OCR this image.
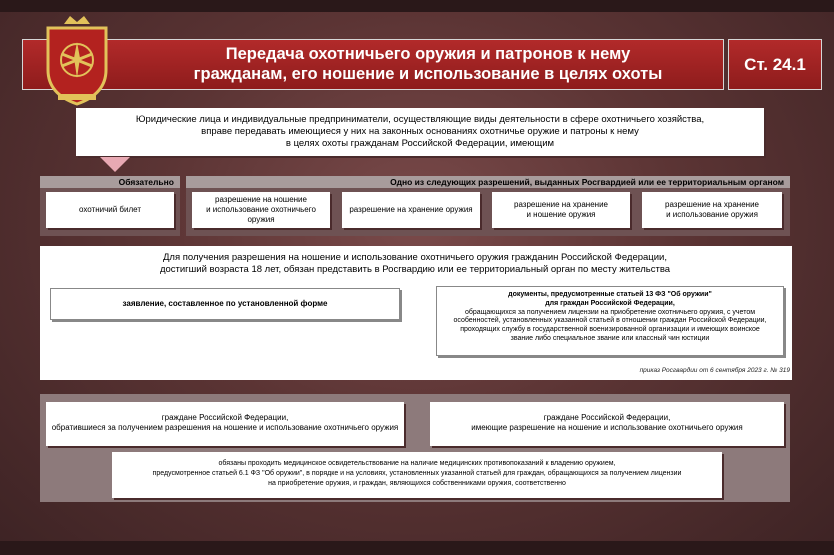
Передача охотничьего оружия и патронов к нему
гражданам, его ношение и использование в целях охоты	Ст. 24.1
Юридические лица и индивидуальные предприниматели, осуществляющие виды деятельности в сфере охотничьего хозяйства,
вправе передавать имеющиеся у них на законных основаниях охотничье оружие и патроны к нему
в целях охоты гражданам Российской Федерации, имеющим
Обязательно
охотничий билет
Одно из следующих разрешений, выданных Росгвардией или ее территориальным органом
разрешение на ношение
и использование охотничьего оружия
разрешение на хранение оружия
разрешение на хранение
и ношение оружия
разрешение на хранение
и использование оружия
Для получения разрешения на ношение и использование охотничьего оружия гражданин Российской Федерации,
достигший возраста 18 лет, обязан представить в Росгвардию или ее территориальный орган по месту жительства
заявление, составленное по установленной форме
документы, предусмотренные статьей 13 ФЗ "Об оружии"
для граждан Российской Федерации,
обращающихся за получением лицензии на приобретение охотничьего оружия, с учетом
особенностей, установленных указанной статьей в отношении граждан Российской Федерации,
проходящих службу в государственной военизированной организации и имеющих воинское
звание либо специальное звание или классный чин юстиции
приказ Росгвардии от 6 сентября 2023 г. № 319
граждане Российской Федерации,
обратившиеся за получением разрешения на ношение и использование охотничьего оружия
граждане Российской Федерации,
имеющие разрешение на ношение и использование охотничьего оружия
обязаны проходить медицинское освидетельствование на наличие медицинских противопоказаний к владению оружием,
предусмотренное статьей 6.1 ФЗ "Об оружии", в порядке и на условиях, установленных указанной статьей для граждан, обращающихся за получением лицензии
на приобретение оружия, и граждан, являющихся собственниками оружия, соответственно
